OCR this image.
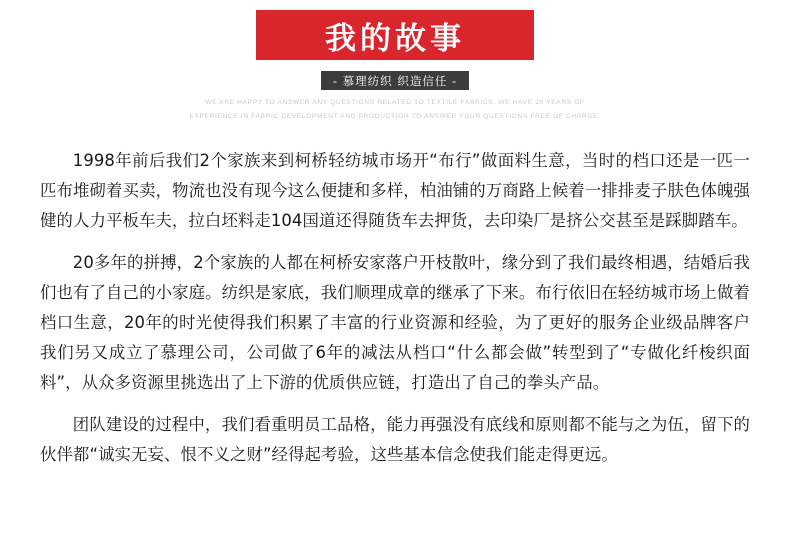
我的故事
- 慕理纺织 织造信任 -
WE ARE HAPPY TO ANSWER ANY QUESTIONS RELATED TO TEXTILE FABRICS. WE HAVE 20 YEARS OF
EXPERIENCE IN FABRIC DEVELOPMENT AND PRODUCTION TO ANSWER YOUR QUESTIONS FREE OF CHARGE.

1998年前后我们2个家族来到柯桥轻纺城市场开“布行”做面料生意，当时的档口还是一匹一匹布堆砌着买卖，物流也没有现今这么便捷和多样，柏油铺的万商路上候着一排排麦子肤色体魄强健的人力平板车夫，拉白坯料走104国道还得随货车去押货，去印染厂是挤公交甚至是踩脚踏车。

20多年的拼搏，2个家族的人都在柯桥安家落户开枝散叶，缘分到了我们最终相遇，结婚后我们也有了自己的小家庭。纺织是家底，我们顺理成章的继承了下来。布行依旧在轻纺城市场上做着档口生意，20年的时光使得我们积累了丰富的行业资源和经验，为了更好的服务企业级品牌客户我们另又成立了慕理公司，公司做了6年的减法从档口“什么都会做”转型到了“专做化纤梭织面料”，从众多资源里挑选出了上下游的优质供应链，打造出了自己的拳头产品。

团队建设的过程中，我们看重明员工品格，能力再强没有底线和原则都不能与之为伍，留下的伙伴都“诚实无妄、恨不义之财”经得起考验，这些基本信念使我们能走得更远。
